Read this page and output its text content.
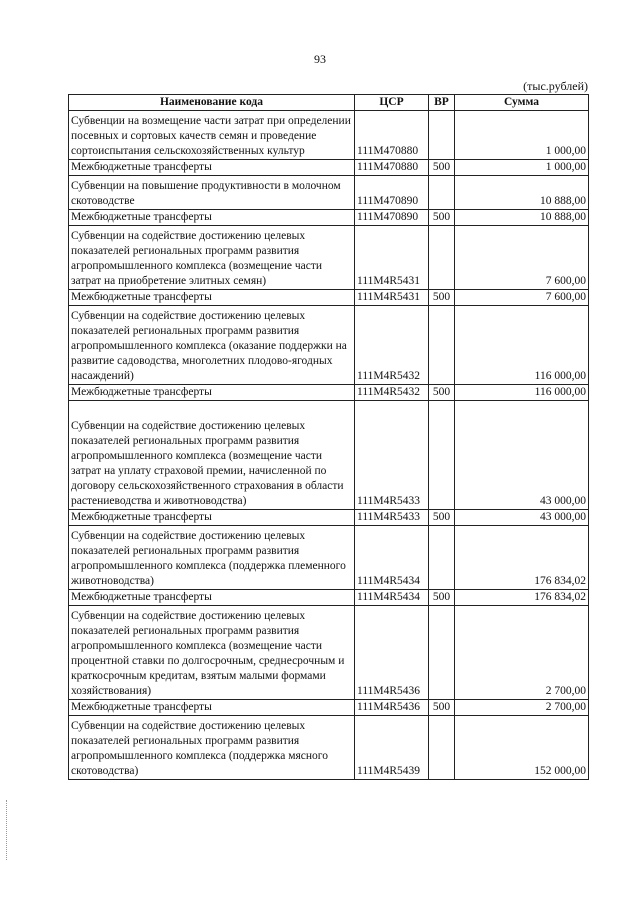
93
(тыс.рублей)
Наименование кода	ЦСР	ВР	Сумма
Субвенции на возмещение части затрат при определении посевных и сортовых качеств семян и проведение сортоиспытания сельскохозяйственных культур	111M470880		1 000,00
Межбюджетные трансферты	111M470880	500	1 000,00
Субвенции на повышение продуктивности в молочном скотоводстве	111M470890		10 888,00
Межбюджетные трансферты	111M470890	500	10 888,00
Субвенции на содействие достижению целевых показателей региональных программ развития агропромышленного комплекса (возмещение части затрат на приобретение элитных семян)	111M4R5431		7 600,00
Межбюджетные трансферты	111M4R5431	500	7 600,00
Субвенции на содействие достижению целевых показателей региональных программ развития агропромышленного комплекса (оказание поддержки на развитие садоводства, многолетних плодово-ягодных насаждений)	111M4R5432		116 000,00
Межбюджетные трансферты	111M4R5432	500	116 000,00
Субвенции на содействие достижению целевых показателей региональных программ развития агропромышленного комплекса (возмещение части затрат на уплату страховой премии, начисленной по договору сельскохозяйственного страхования в области растениеводства и животноводства)	111M4R5433		43 000,00
Межбюджетные трансферты	111M4R5433	500	43 000,00
Субвенции на содействие достижению целевых показателей региональных программ развития агропромышленного комплекса (поддержка племенного животноводства)	111M4R5434		176 834,02
Межбюджетные трансферты	111M4R5434	500	176 834,02
Субвенции на содействие достижению целевых показателей региональных программ развития агропромышленного комплекса (возмещение части процентной ставки по долгосрочным, среднесрочным и краткосрочным кредитам, взятым малыми формами хозяйствования)	111M4R5436		2 700,00
Межбюджетные трансферты	111M4R5436	500	2 700,00
Субвенции на содействие достижению целевых показателей региональных программ развития агропромышленного комплекса (поддержка мясного скотоводства)	111M4R5439		152 000,00
